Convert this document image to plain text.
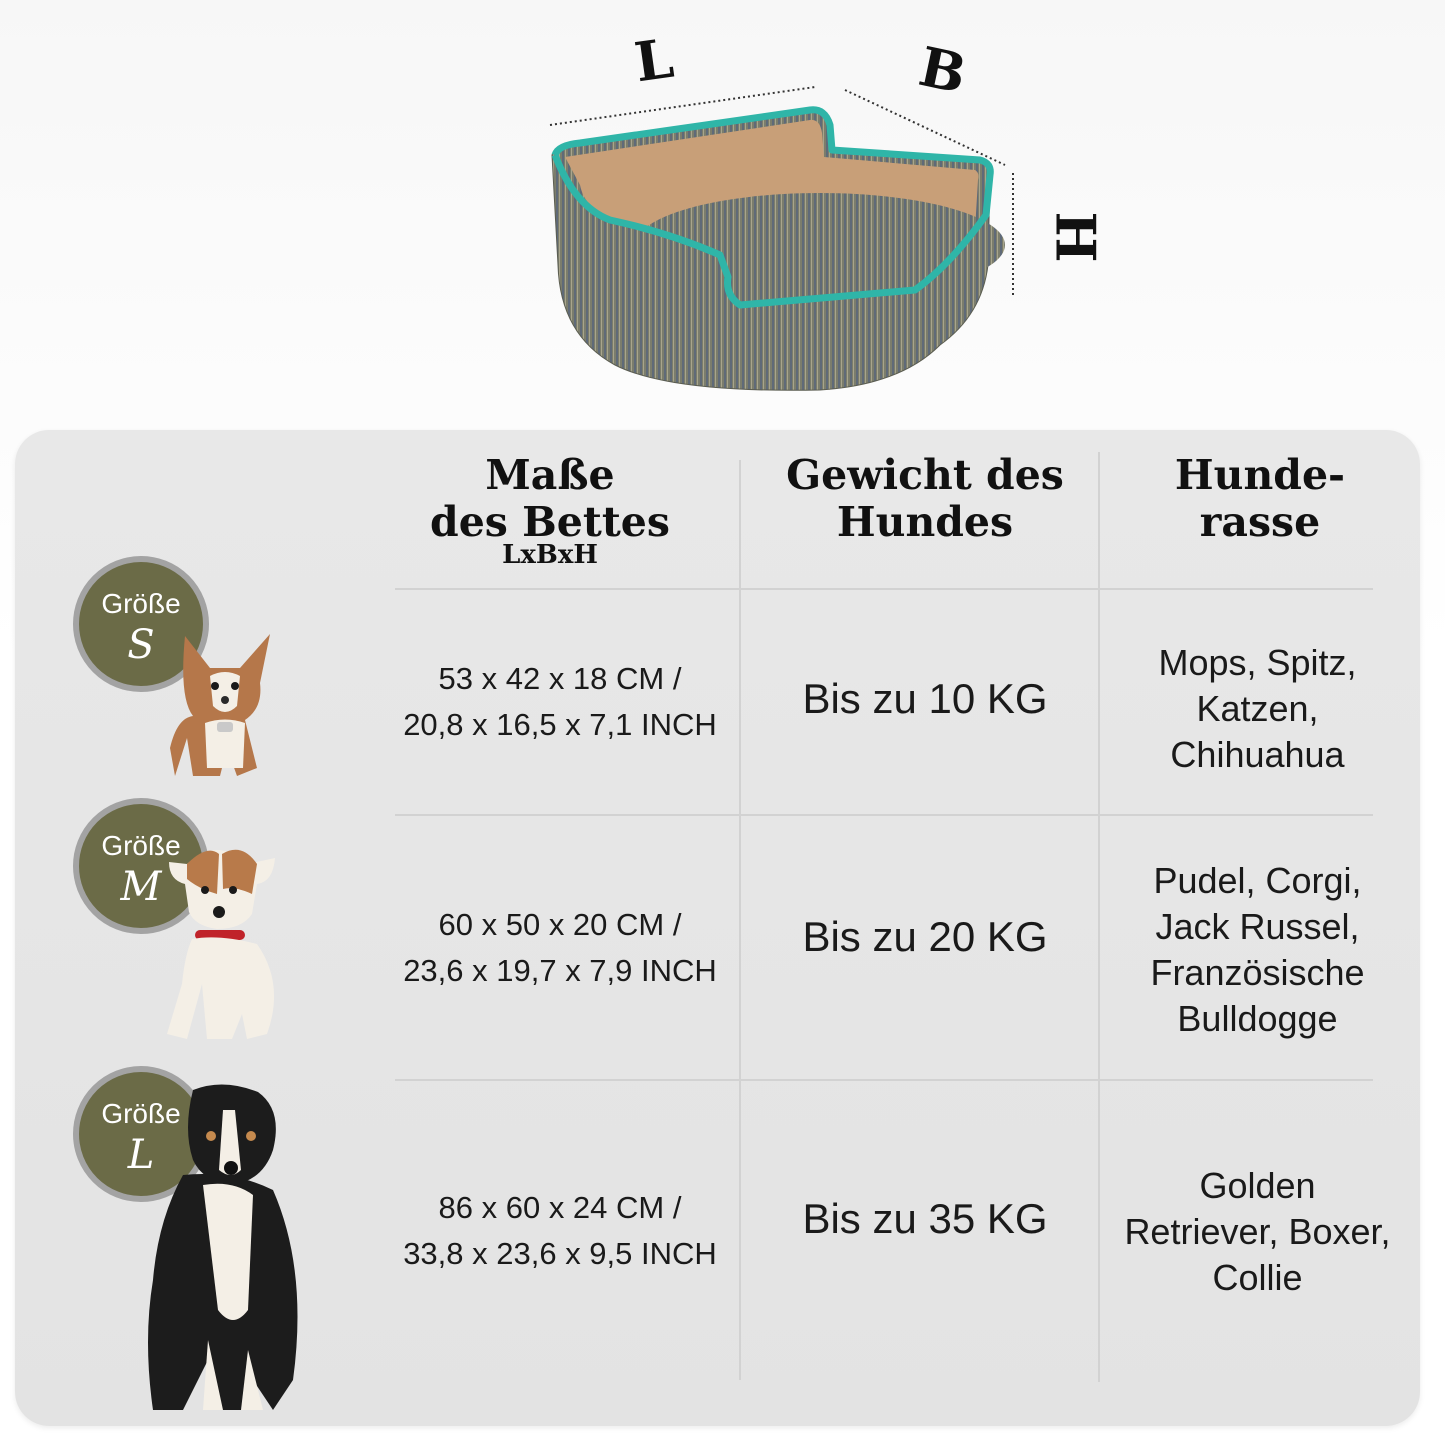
L	B
H
Maße
des Bettes
LxBxH
Gewicht des
Hundes
Hunde-
rasse
Größe
S
53 x 42 x 18 CM /
20,8 x 16,5 x 7,1 INCH
Bis zu 10 KG
Mops, Spitz,
Katzen,
Chihuahua
Größe
M
60 x 50 x 20 CM /
23,6 x 19,7 x 7,9 INCH
Bis zu 20 KG
Pudel, Corgi,
Jack Russel,
Französische
Bulldogge
Größe
L
86 x 60 x 24 CM /
33,8 x 23,6 x 9,5 INCH
Bis zu 35 KG
Golden
Retriever, Boxer,
Collie
